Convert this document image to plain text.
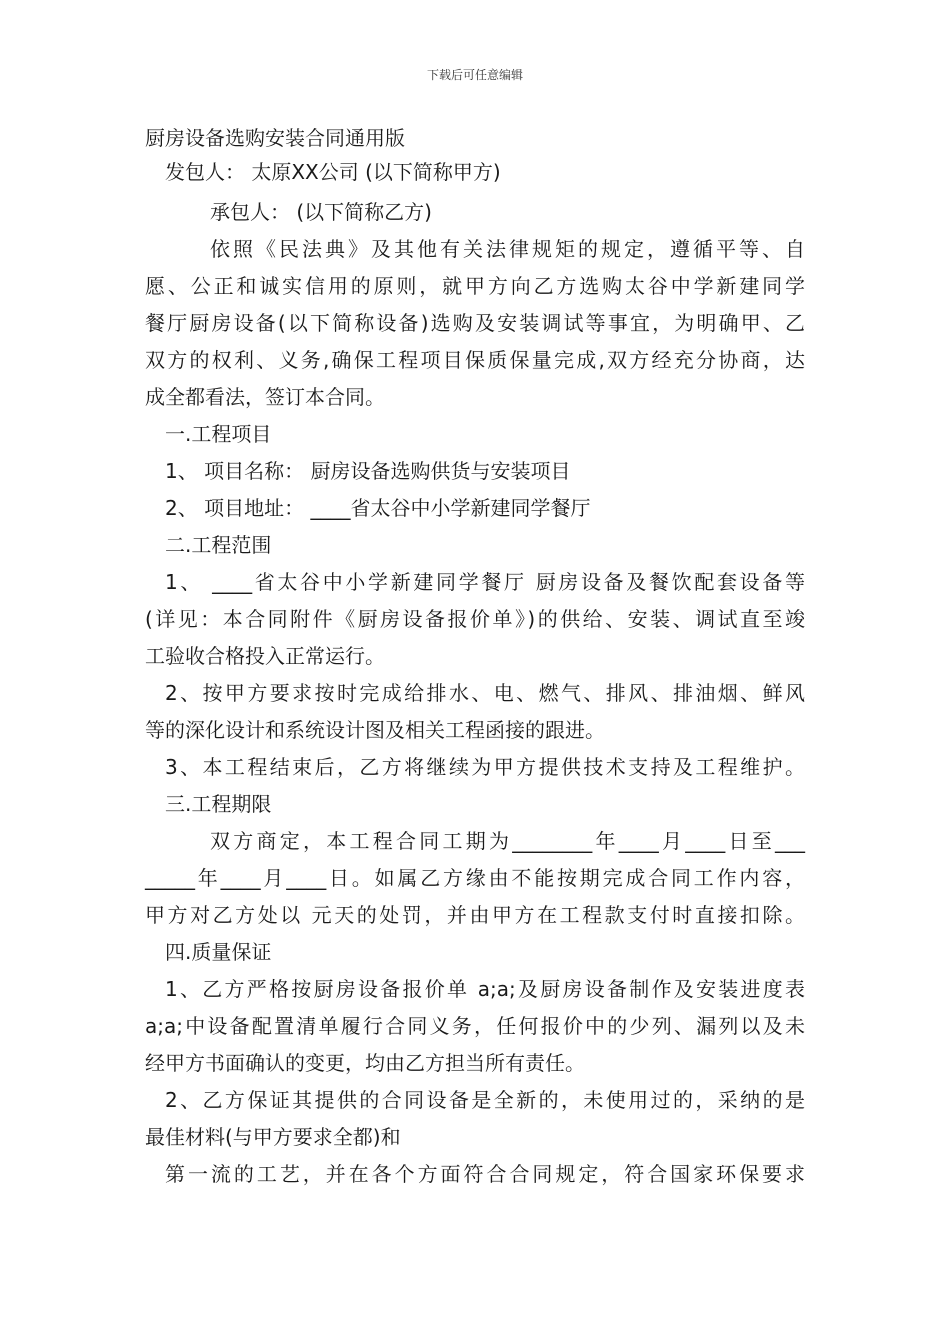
下载后可任意编辑
厨房设备选购安装合同通用版
发包人： 太原XX公司 (以下简称甲方)
承包人： (以下简称乙方)
依照《民法典》及其他有关法律规矩的规定，遵循平等、自
愿、公正和诚实信用的原则，就甲方向乙方选购太谷中学新建同学
餐厅厨房设备(以下简称设备)选购及安装调试等事宜，为明确甲、乙
双方的权利、义务,确保工程项目保质保量完成,双方经充分协商，达
成全都看法，签订本合同。
一.工程项目
1、 项目名称： 厨房设备选购供货与安装项目
2、 项目地址： ____省太谷中小学新建同学餐厅
二.工程范围
1、 ____省太谷中小学新建同学餐厅 厨房设备及餐饮配套设备等
(详见：本合同附件《厨房设备报价单》)的供给、安装、调试直至竣
工验收合格投入正常运行。
2、按甲方要求按时完成给排水、电、燃气、排风、排油烟、鲜风
等的深化设计和系统设计图及相关工程函接的跟进。
3、本工程结束后，乙方将继续为甲方提供技术支持及工程维护。
三.工程期限
双方商定，本工程合同工期为________年____月____日至___
_____年____月____日。如属乙方缘由不能按期完成合同工作内容，
甲方对乙方处以 元天的处罚，并由甲方在工程款支付时直接扣除。
四.质量保证
1、乙方严格按厨房设备报价单 a;a;及厨房设备制作及安装进度表
a;a;中设备配置清单履行合同义务，任何报价中的少列、漏列以及未
经甲方书面确认的变更，均由乙方担当所有责任。
2、乙方保证其提供的合同设备是全新的，未使用过的，采纳的是
最佳材料(与甲方要求全都)和
第一流的工艺，并在各个方面符合合同规定，符合国家环保要求
